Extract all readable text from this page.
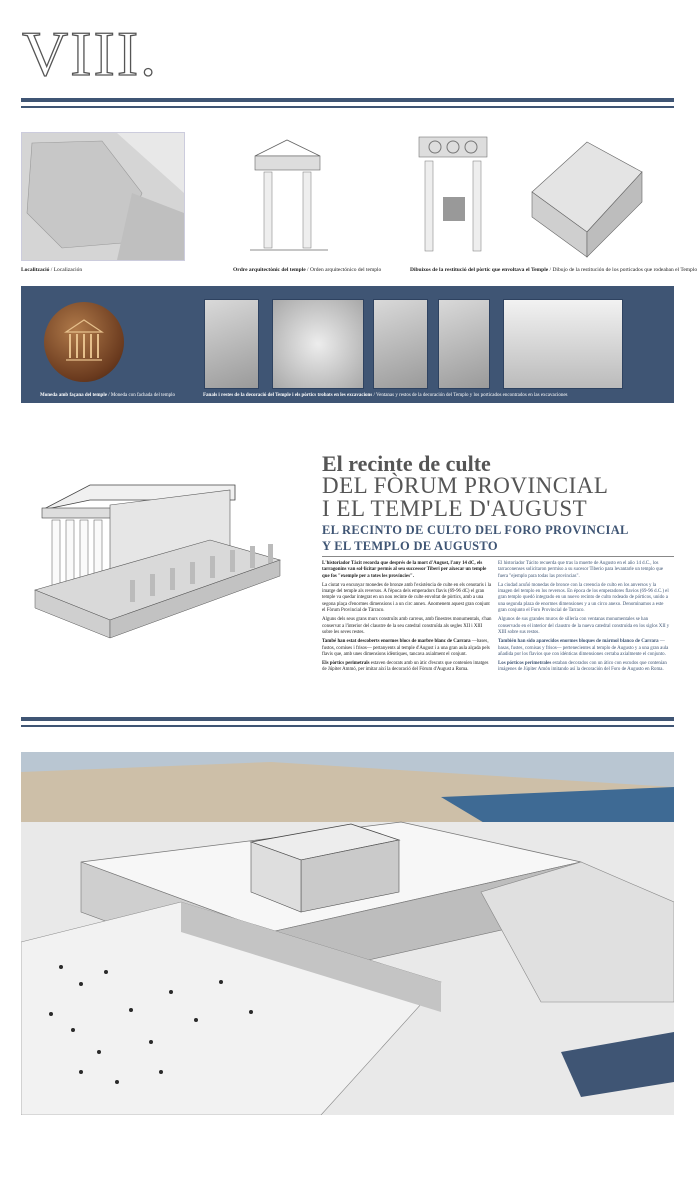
VIII.
Localització / Localización	Ordre arquitectònic del temple / Orden arquitectónico del templo	Dibuixos de la restitució del pòrtic que envoltava el Temple / Dibujo de la restitución de los porticados que rodeaban el Templo
Moneda amb façana del temple / Moneda con fachada del templo	Fanals i restes de la decoració del Temple i els pòrtics trobats en les excavacions / Ventanas y restos de la decoración del Templo y los porticados encontrados en las excavaciones
El recinte de culte
DEL FÒRUM PROVINCIAL
I EL TEMPLE D'AUGUST
EL RECINTO DE CULTO DEL FORO PROVINCIAL
Y EL TEMPLO DE AUGUSTO

L'historiador Tàcit recorda que després de la mort d'August, l'any 14 dC, els tarragonins van sol·licitar permís al seu successor Tiberi per aixecar un temple que fos "exemple per a totes les províncies".

La ciutat va encunyar monedes de bronze amb l'existència de culte en els cenotaris i la imatge del temple als reversos. A l'època dels emperadors flavis (69-96 dC) el gran temple va quedar integrat en un nou recinte de culte envoltat de pòrtics, amb a una segona plaça d'enormes dimensions i a un circ annex. Anomenem aquest gran conjunt el Fòrum Provincial de Tàrraco.

Alguns dels seus grans murs construïts amb carreus, amb finestres monumentals, s'han conservat a l'interior del claustre de la seu catedral construïda als segles XII i XIII sobre les seves restes.

També han estat descoberts enormes blocs de marbre blanc de Carrara —bases, fustos, cornises i frisos— pertanyents al temple d'August i a una gran aula alçada pels flavis que, amb unes dimensions idèntiques, tancava axialment el conjunt.

Els pòrtics perimetrals estaven decorats amb un àtic d'escuts que contenien imatges de Júpiter Ammó, per imitar així la decoració del Fòrum d'August a Roma.

El historiador Tácito recuerda que tras la muerte de Augusto en el año 14 d.C., los tarraconenses solicitaron permiso a su sucesor Tiberio para levantarle un templo que fuera "ejemplo para todas las provincias".

La ciudad acuñó monedas de bronce con la creencia de culto en los anversos y la imagen del templo en los reversos. En época de los emperadores flavios (69-96 d.C.) el gran templo quedó integrado en un nuevo recinto de culto rodeado de pórticos, unido a una segunda plaza de enormes dimensiones y a un circo anexo. Denominamos a este gran conjunto el Foro Provincial de Tarraco.

Algunos de sus grandes muros de sillería con ventanas monumentales se han conservado en el interior del claustro de la nueva catedral construida en los siglos XII y XIII sobre sus restos.

También han sido aparecidos enormes bloques de mármol blanco de Carrara —basas, fustes, cornisas y frisos— pertenecientes al templo de Augusto y a una gran aula añadida por los flavios que con idénticas dimensiones cerraba axialmente el conjunto.

Los pórticos perimetrales estaban decorados con un ático con escudos que contenían imágenes de Júpiter Amón imitando así la decoración del Foro de Augusto en Roma.
